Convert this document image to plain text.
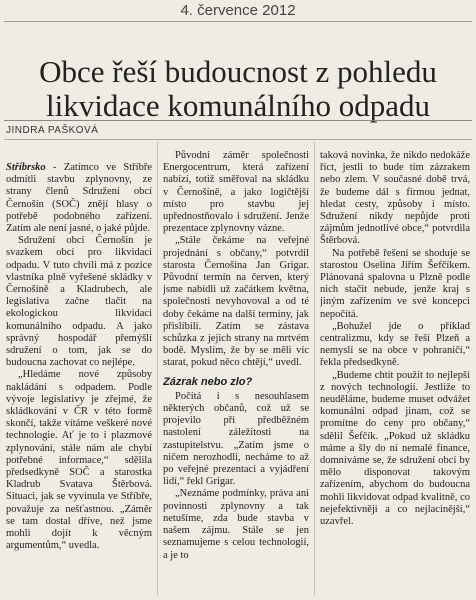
4. července 2012
Obce řeší budoucnost z pohledu likvidace komunálního odpadu
JINDRA PAŠKOVÁ

Stříbrsko - Zatímco ve Stříbře odmítli stavbu zplynovny, ze strany členů Sdružení obcí Černošín (SOČ) znějí hlasy o potřebě podobného zařízení. Zatím ale není jasné, o jaké půjde.

Sdružení obcí Černošín je svazkem obcí pro likvidaci odpadu. V tuto chvíli má z pozice vlastníka plně vyřešené skládky v Černošíně a Kladrubech, ale legislativa začne tlačit na ekologickou likvidaci komunálního odpadu. A jako správný hospodář přemýšlí sdružení o tom, jak se do budoucna zachovat co nejlépe.

„Hledáme nové způsoby nakládání s odpadem. Podle vývoje legislativy je zřejmé, že skládkování v ČR v této formě skončí, takže vítáme veškeré nové technologie. Ať je to i plazmové zplynování, stále nám ale chybí potřebné informace,“ sdělila předsedkyně SOČ a starostka Kladrub Svatava Štěrbová. Situaci, jak se vyvinula ve Stříbře, považuje za nešťastnou. „Záměr se tam dostal dříve, než jsme mohli dojít k věcným argumentům,“ uvedla.

Původní záměr společnosti Energocentrum, která zařízení nabízí, totiž směřoval na skládku v Černošíně, a jako logičtější místo pro stavbu jej upřednostňovalo i sdružení. Jenže prezentace zplynovny vázne.

„Stále čekáme na veřejné projednání s občany,“ potvrdil starosta Černošína Jan Grigar. Původní termín na červen, který jsme nabídli už začátkem května, společnosti nevyhovoval a od té doby čekáme na další termíny, jak přislíbili. Zatím se zástava schůzka z jejich strany na mrtvém bodě. Myslím, že by se měli víc starat, pokud něco chtějí,“ uvedl.

Zázrak nebo zlo?

Počítá i s nesouhlasem některých občanů, což už se projevilo při předběžném nastolení záležitosti na zastupitelstvu. „Zatím jsme o ničem nerozhodli, necháme to až po veřejné prezentaci a vyjádření lidí,“ řekl Grigar.

„Neznáme podmínky, práva ani povinnosti zplynovny a tak netušíme, zda bude stavba v našem zájmu. Stále se jen seznamujeme s celou technologií, a je to

taková novinka, že nikdo nedokáže říct, jestli to bude tím zázrakem nebo zlem. V současné době trvá, že budeme dál s firmou jednat, hledat cesty, způsoby i místo. Sdružení nikdy nepůjde proti zájmům jednotlivé obce,“ potvrdila Štěrbová.

Na potřebě řešení se shoduje se starostou Oselina Jiřím Šefčíkem. Plánovaná spalovna u Plzně podle nich stačit nebude, jenže kraj s jiným zařízením ve své koncepci nepočítá.

„Bohužel jde o příklad centralizmu, kdy se řeší Plzeň a nemyslí se na obce v pohraničí,“ řekla předsedkyně.

„Budeme chtít použít to nejlepší z nových technologií. Jestliže to neuděláme, budeme muset odvážet komunální odpad jinam, což se promítne do ceny pro občany,“ sdělil Šefčík. „Pokud už skládku máme a šly do ní nemalé finance, domníváme se, že sdružení obcí by mělo disponovat takovým zařízením, abychom do budoucna mohli likvidovat odpad kvalitně, co nejefektivněji a co nejlacinější,“ uzavřel.
